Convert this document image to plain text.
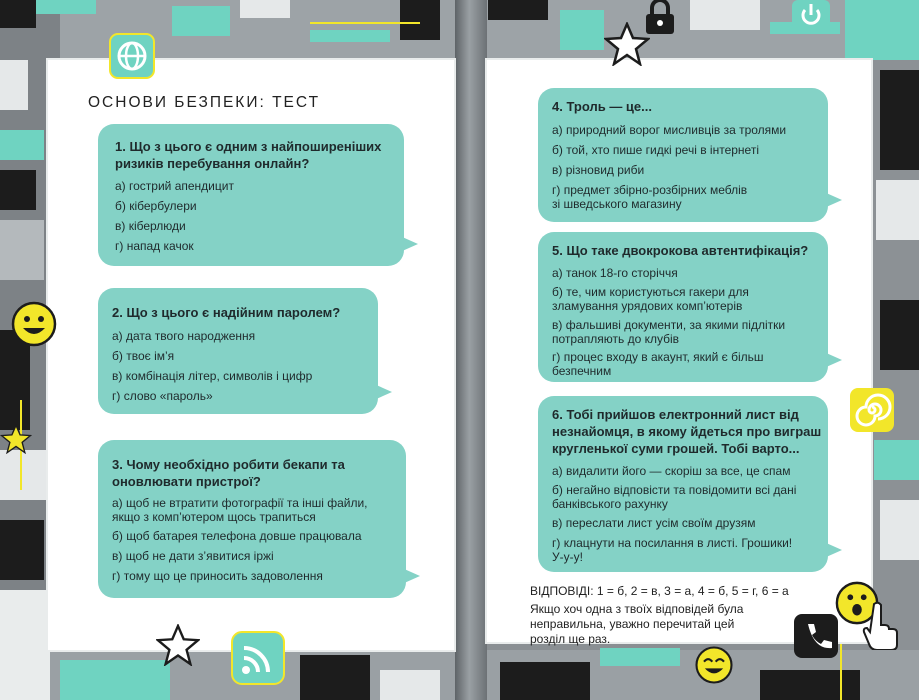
ОСНОВИ БЕЗПЕКИ: ТЕСТ
1. Що з цього є одним з найпоширеніших
ризиків перебування онлайн?
а) гострий апендицит
б) кібербулери
в) кіберлюди
г) напад качок
2. Що з цього є надійним паролем?
а) дата твого народження
б) твоє ім’я
в) комбінація літер, символів і цифр
г) слово «пароль»
3. Чому необхідно робити бекапи та
оновлювати пристрої?
а) щоб не втратити фотографії та інші файли,
якщо з комп’ютером щось трапиться
б) щоб батарея телефона довше працювала
в) щоб не дати з’явитися іржі
г) тому що це приносить задоволення
4. Троль — це...
а) природний ворог мисливців за тролями
б) той, хто пише гидкі речі в інтернеті
в) різновид риби
г) предмет збірно-розбірних меблів
зі шведського магазину
5. Що таке двокрокова автентифікація?
а) танок 18-го сторіччя
б) те, чим користуються гакери для
зламування урядових комп’ютерів
в) фальшиві документи, за якими підлітки
потрапляють до клубів
г) процес входу в акаунт, який є більш
безпечним
6. Тобі прийшов електронний лист від
незнайомця, в якому йдеться про виграш
кругленької суми грошей. Тобі варто...
а) видалити його — скоріш за все, це спам
б) негайно відповісти та повідомити всі дані
банківського рахунку
в) переслати лист усім своїм друзям
г) клацнути на посилання в листі. Грошики!
У-у-у!
ВІДПОВІДІ: 1 = б, 2 = в, 3 = а, 4 = б, 5 = г, 6 = а
Якщо хоч одна з твоїх відповідей була
неправильна, уважно перечитай цей
розділ ще раз.
